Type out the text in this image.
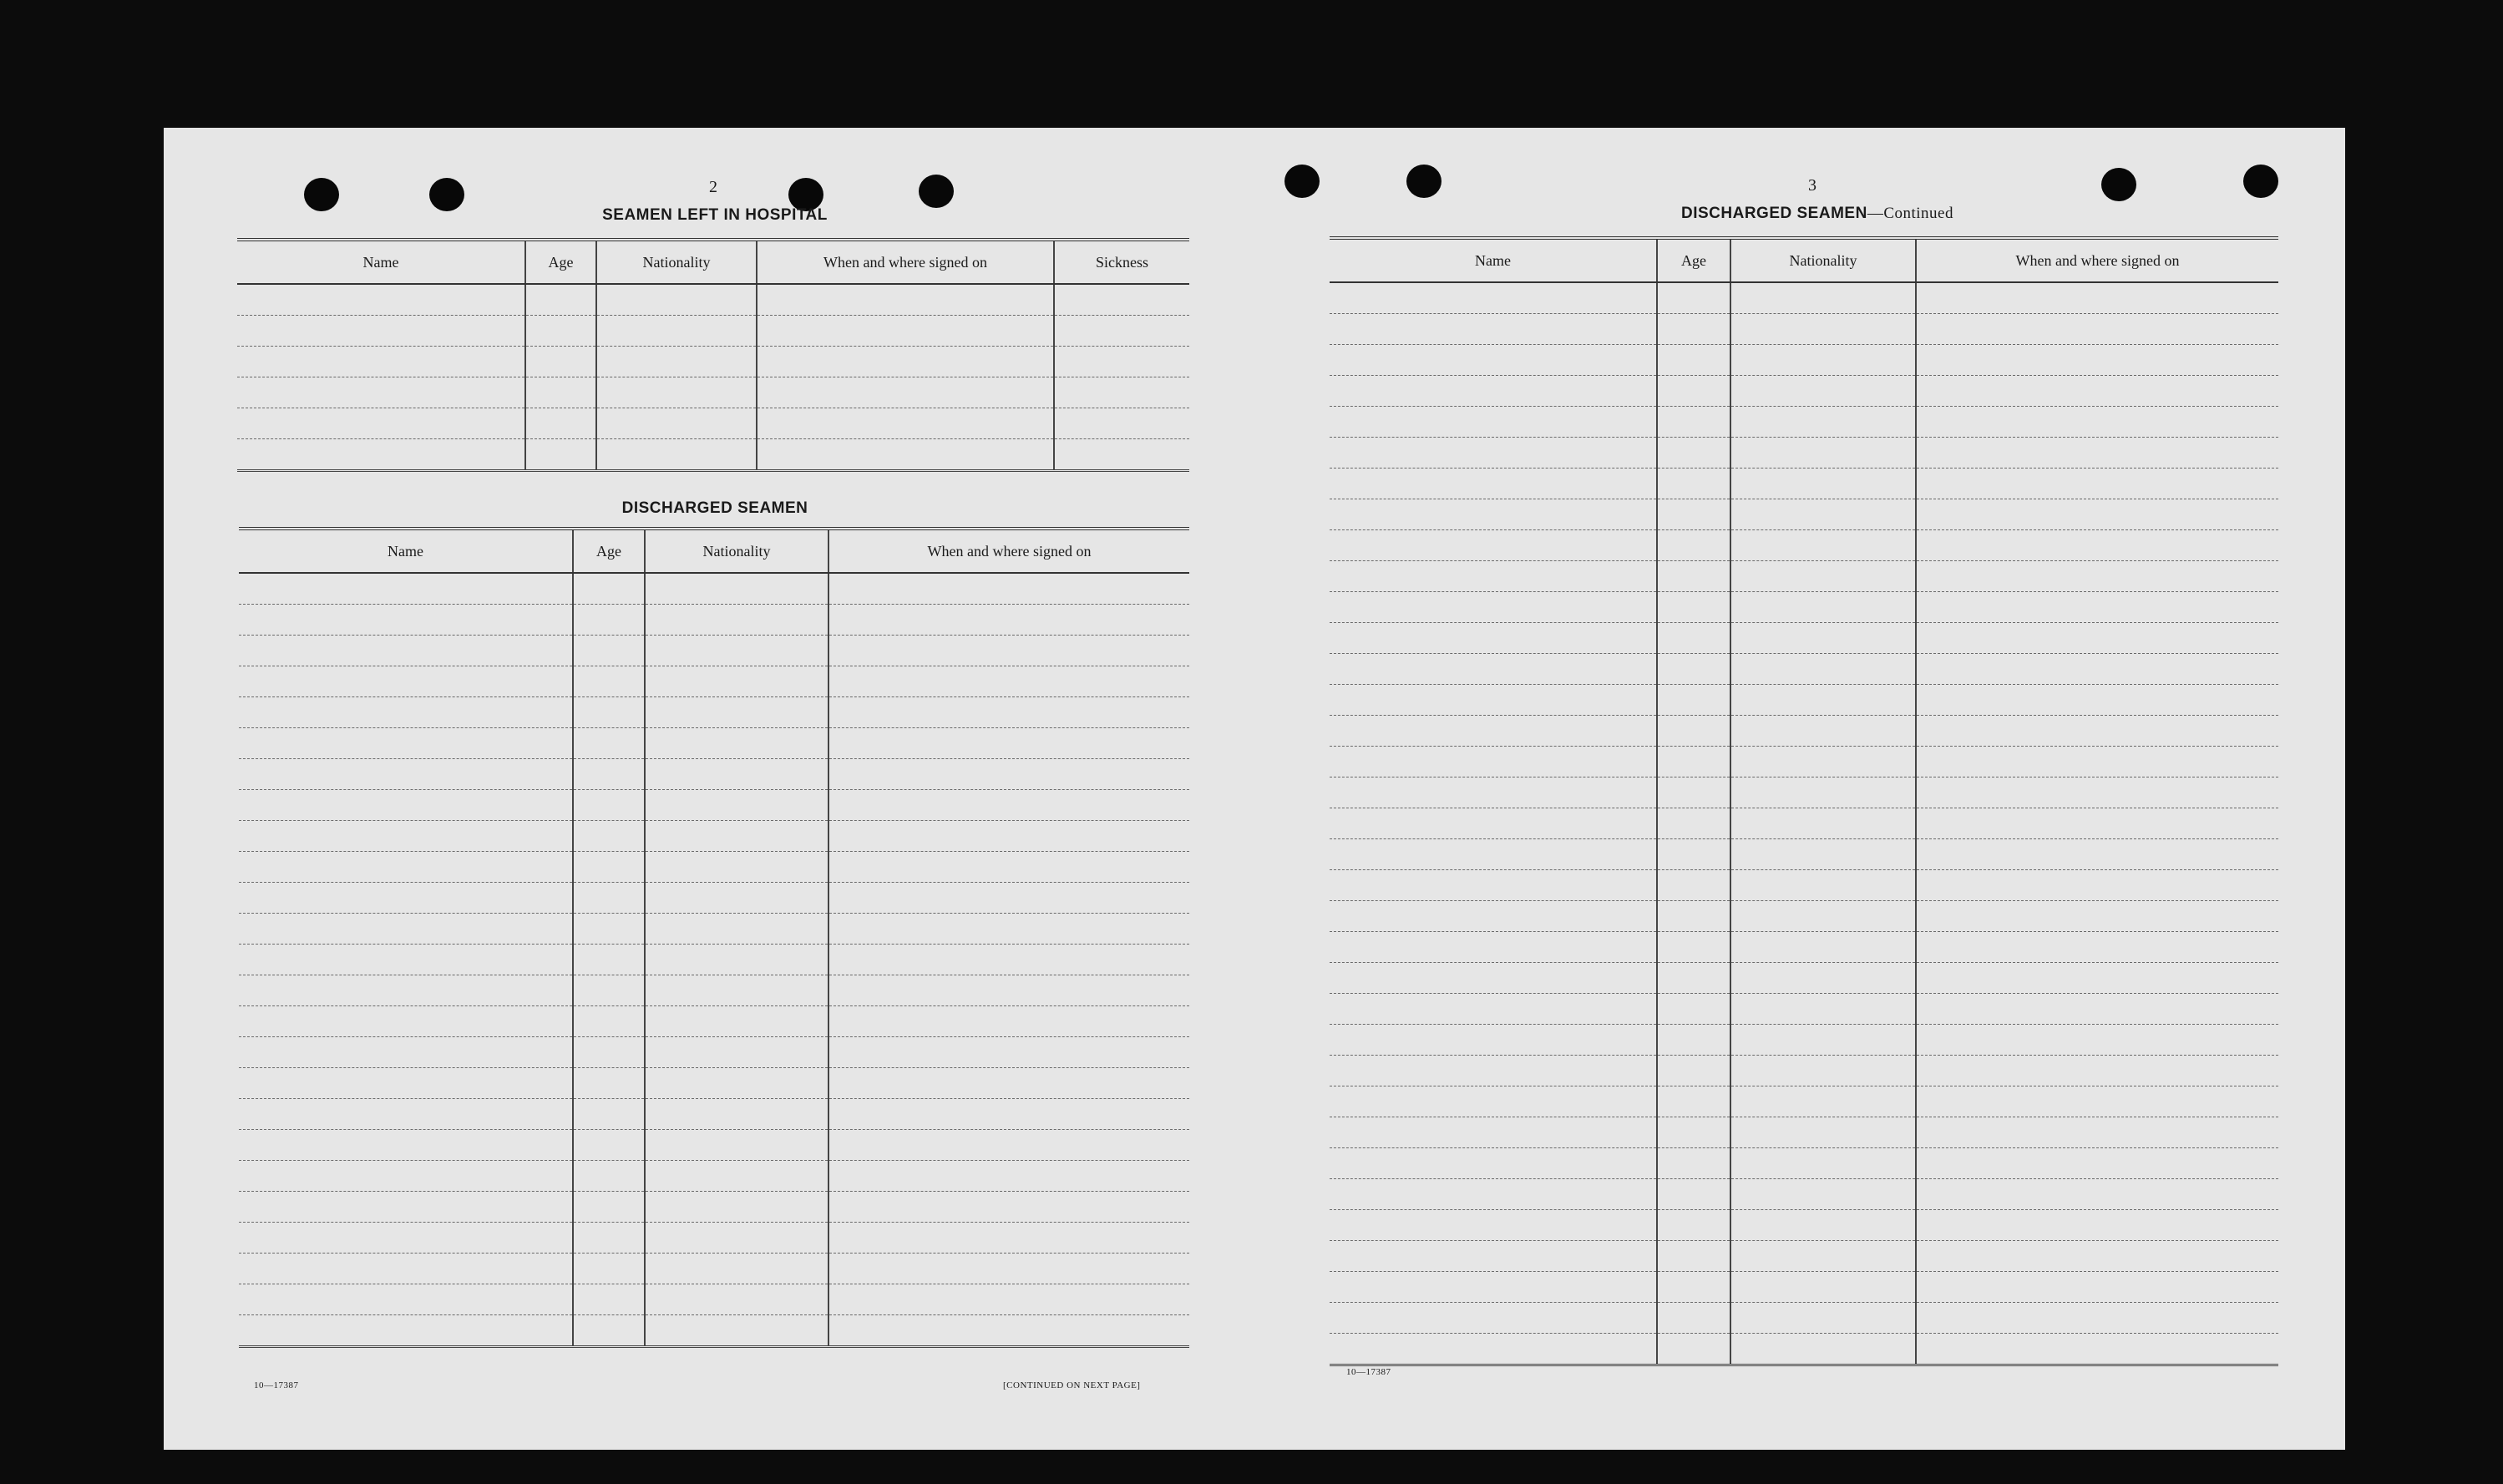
2
SEAMEN LEFT IN HOSPITAL
Name	Age	Nationality	When and where signed on	Sickness

DISCHARGED SEAMEN
Name	Age	Nationality	When and where signed on

10—17387	[CONTINUED ON NEXT PAGE]
3
DISCHARGED SEAMEN—Continued
Name	Age	Nationality	When and where signed on

10—17387
